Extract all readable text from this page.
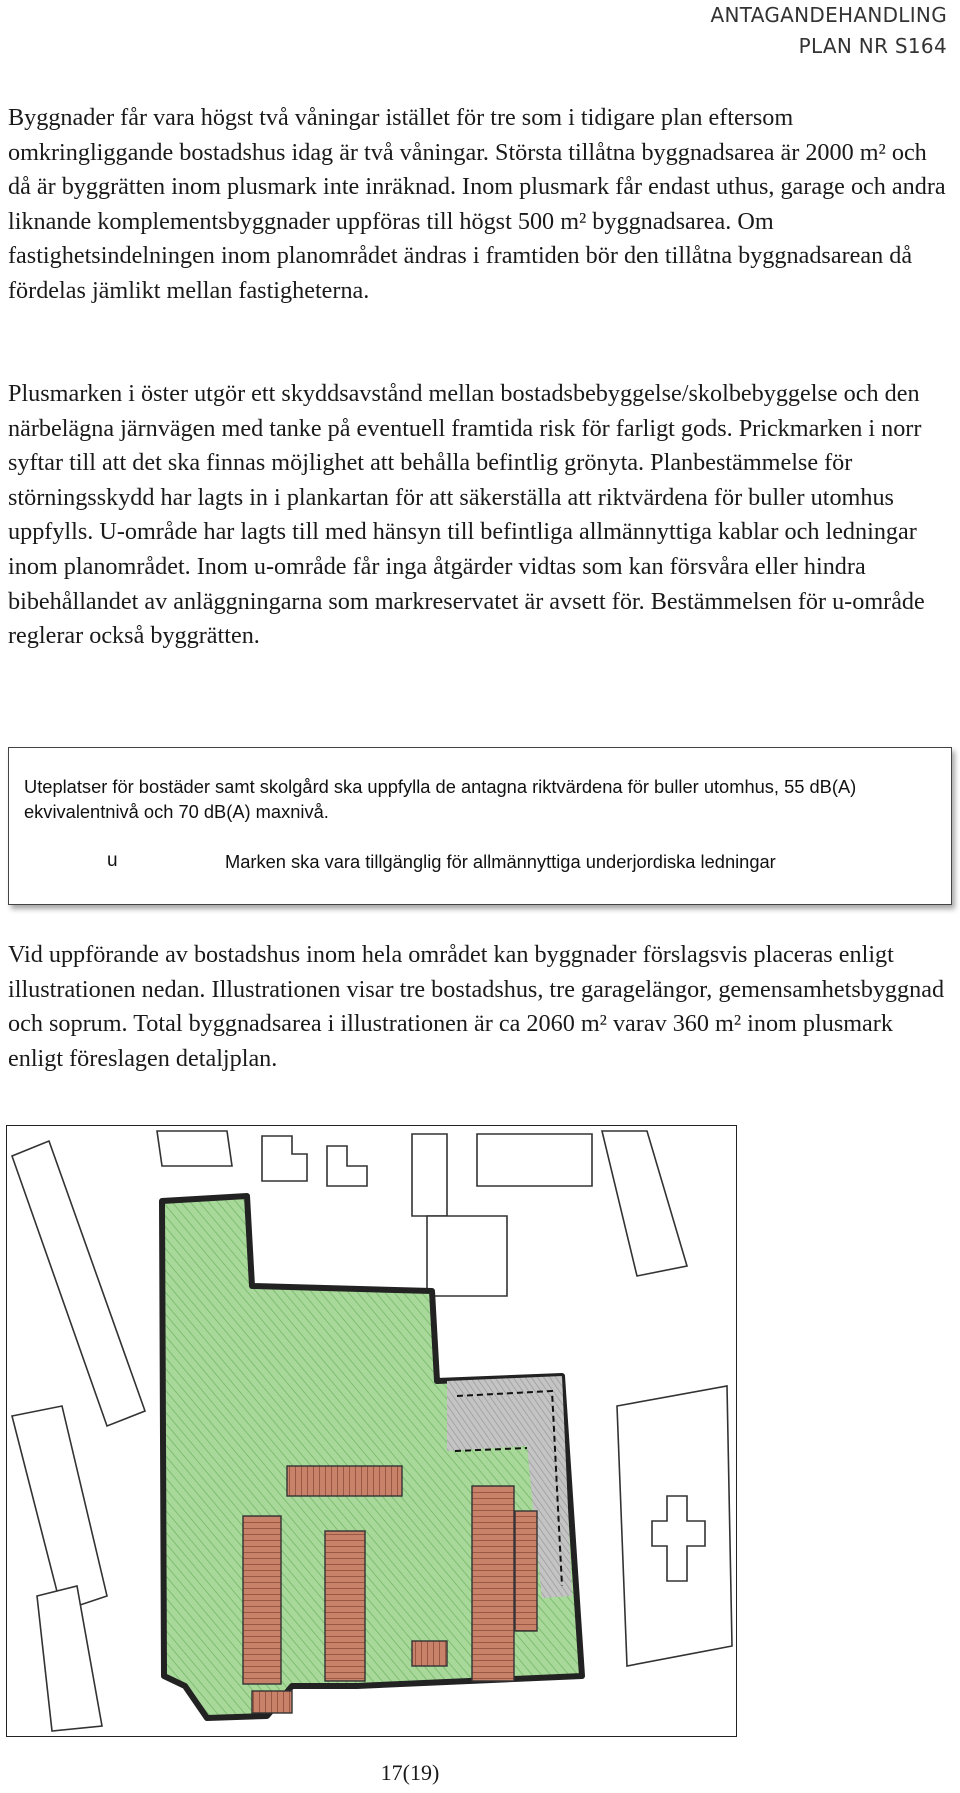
ANTAGANDEHANDLING
PLAN NR S164

Byggnader får vara högst två våningar istället för tre som i tidigare plan eftersom omkringliggande bostadshus idag är två våningar. Största tillåtna byggnadsarea är 2000 m² och då är byggrätten inom plusmark inte inräknad. Inom plusmark får endast uthus, garage och andra liknande komplementsbyggnader uppföras till högst 500 m² byggnadsarea. Om fastighetsindelningen inom planområdet ändras i framtiden bör den tillåtna byggnadsarean då fördelas jämlikt mellan fastigheterna.

Plusmarken i öster utgör ett skyddsavstånd mellan bostadsbebyggelse/skolbebyggelse och den närbelägna järnvägen med tanke på eventuell framtida risk för farligt gods. Prickmarken i norr syftar till att det ska finnas möjlighet att behålla befintlig grönyta. Planbestämmelse för störningsskydd har lagts in i plankartan för att säkerställa att riktvärdena för buller utomhus uppfylls. U-område har lagts till med hänsyn till befintliga allmännyttiga kablar och ledningar inom planområdet. Inom u-område får inga åtgärder vidtas som kan försvåra eller hindra bibehållandet av anläggningarna som markreservatet är avsett för. Bestämmelsen för u-område reglerar också byggrätten.

Uteplatser för bostäder samt skolgård ska uppfylla de antagna riktvärdena för buller utomhus, 55 dB(A) ekvivalentnivå och 70 dB(A) maxnivå.

u	Marken ska vara tillgänglig för allmännyttiga underjordiska ledningar

Vid uppförande av bostadshus inom hela området kan byggnader förslagsvis placeras enligt illustrationen nedan. Illustrationen visar tre bostadshus, tre garagelängor, gemensamhetsbyggnad och soprum. Total byggnadsarea i illustrationen är ca 2060 m² varav 360 m² inom plusmark enligt föreslagen detaljplan.

17(19)
